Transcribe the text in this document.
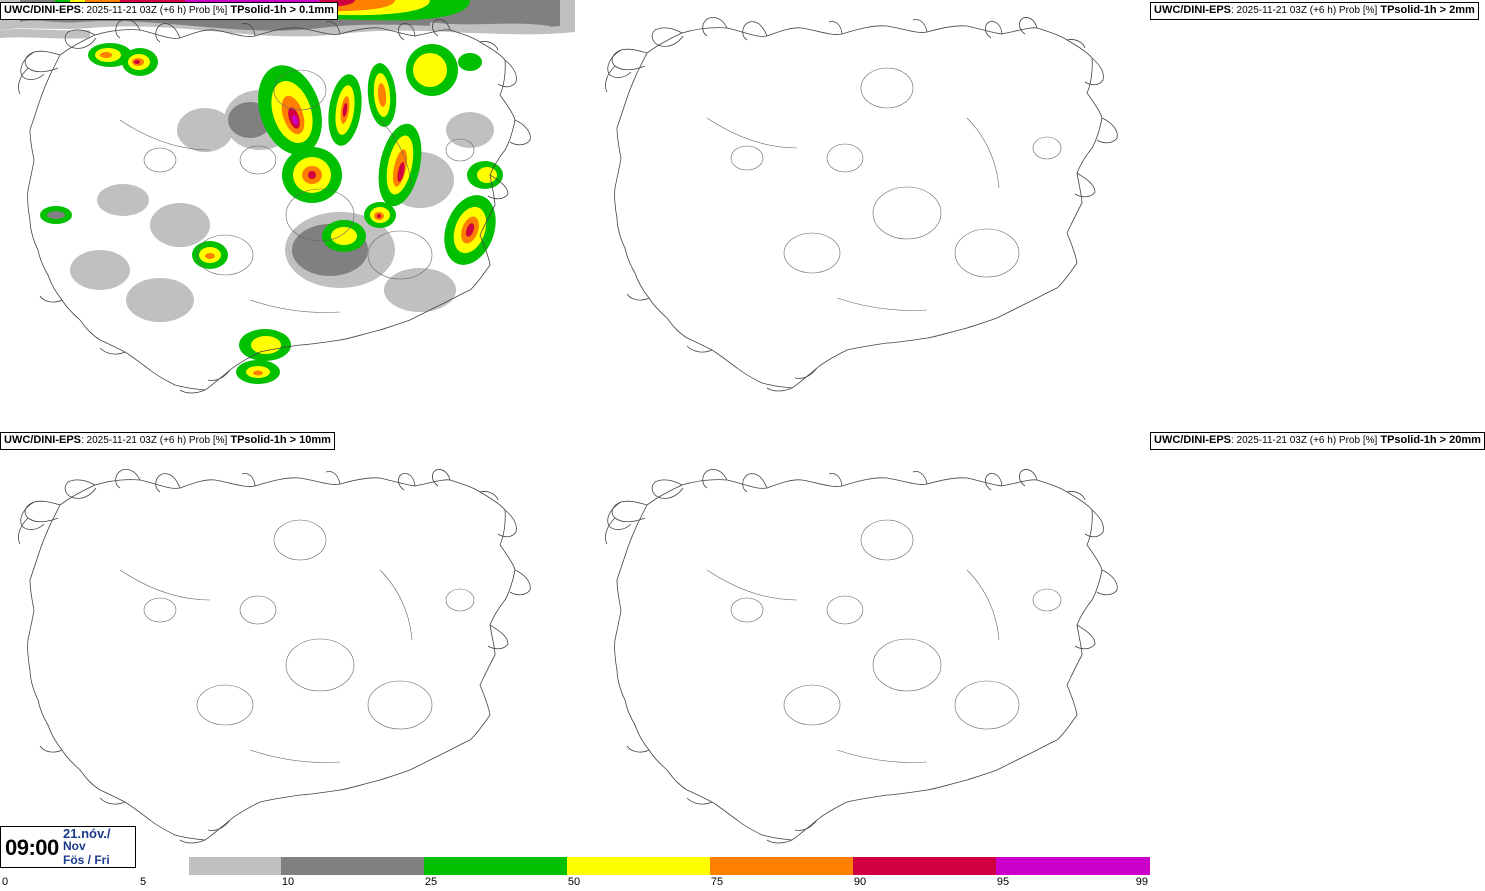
UWC/DINI-EPS: 2025-11-21 03Z (+6 h) Prob [%] TPsolid-1h > 0.1mm	UWC/DINI-EPS: 2025-11-21 03Z (+6 h) Prob [%] TPsolid-1h > 2mm
UWC/DINI-EPS: 2025-11-21 03Z (+6 h) Prob [%] TPsolid-1h > 10mm	UWC/DINI-EPS: 2025-11-21 03Z (+6 h) Prob [%] TPsolid-1h > 20mm
09:00
21.nóv./
Nov
Fös / Fri
0	5	10	25	50	75	90	95	99
